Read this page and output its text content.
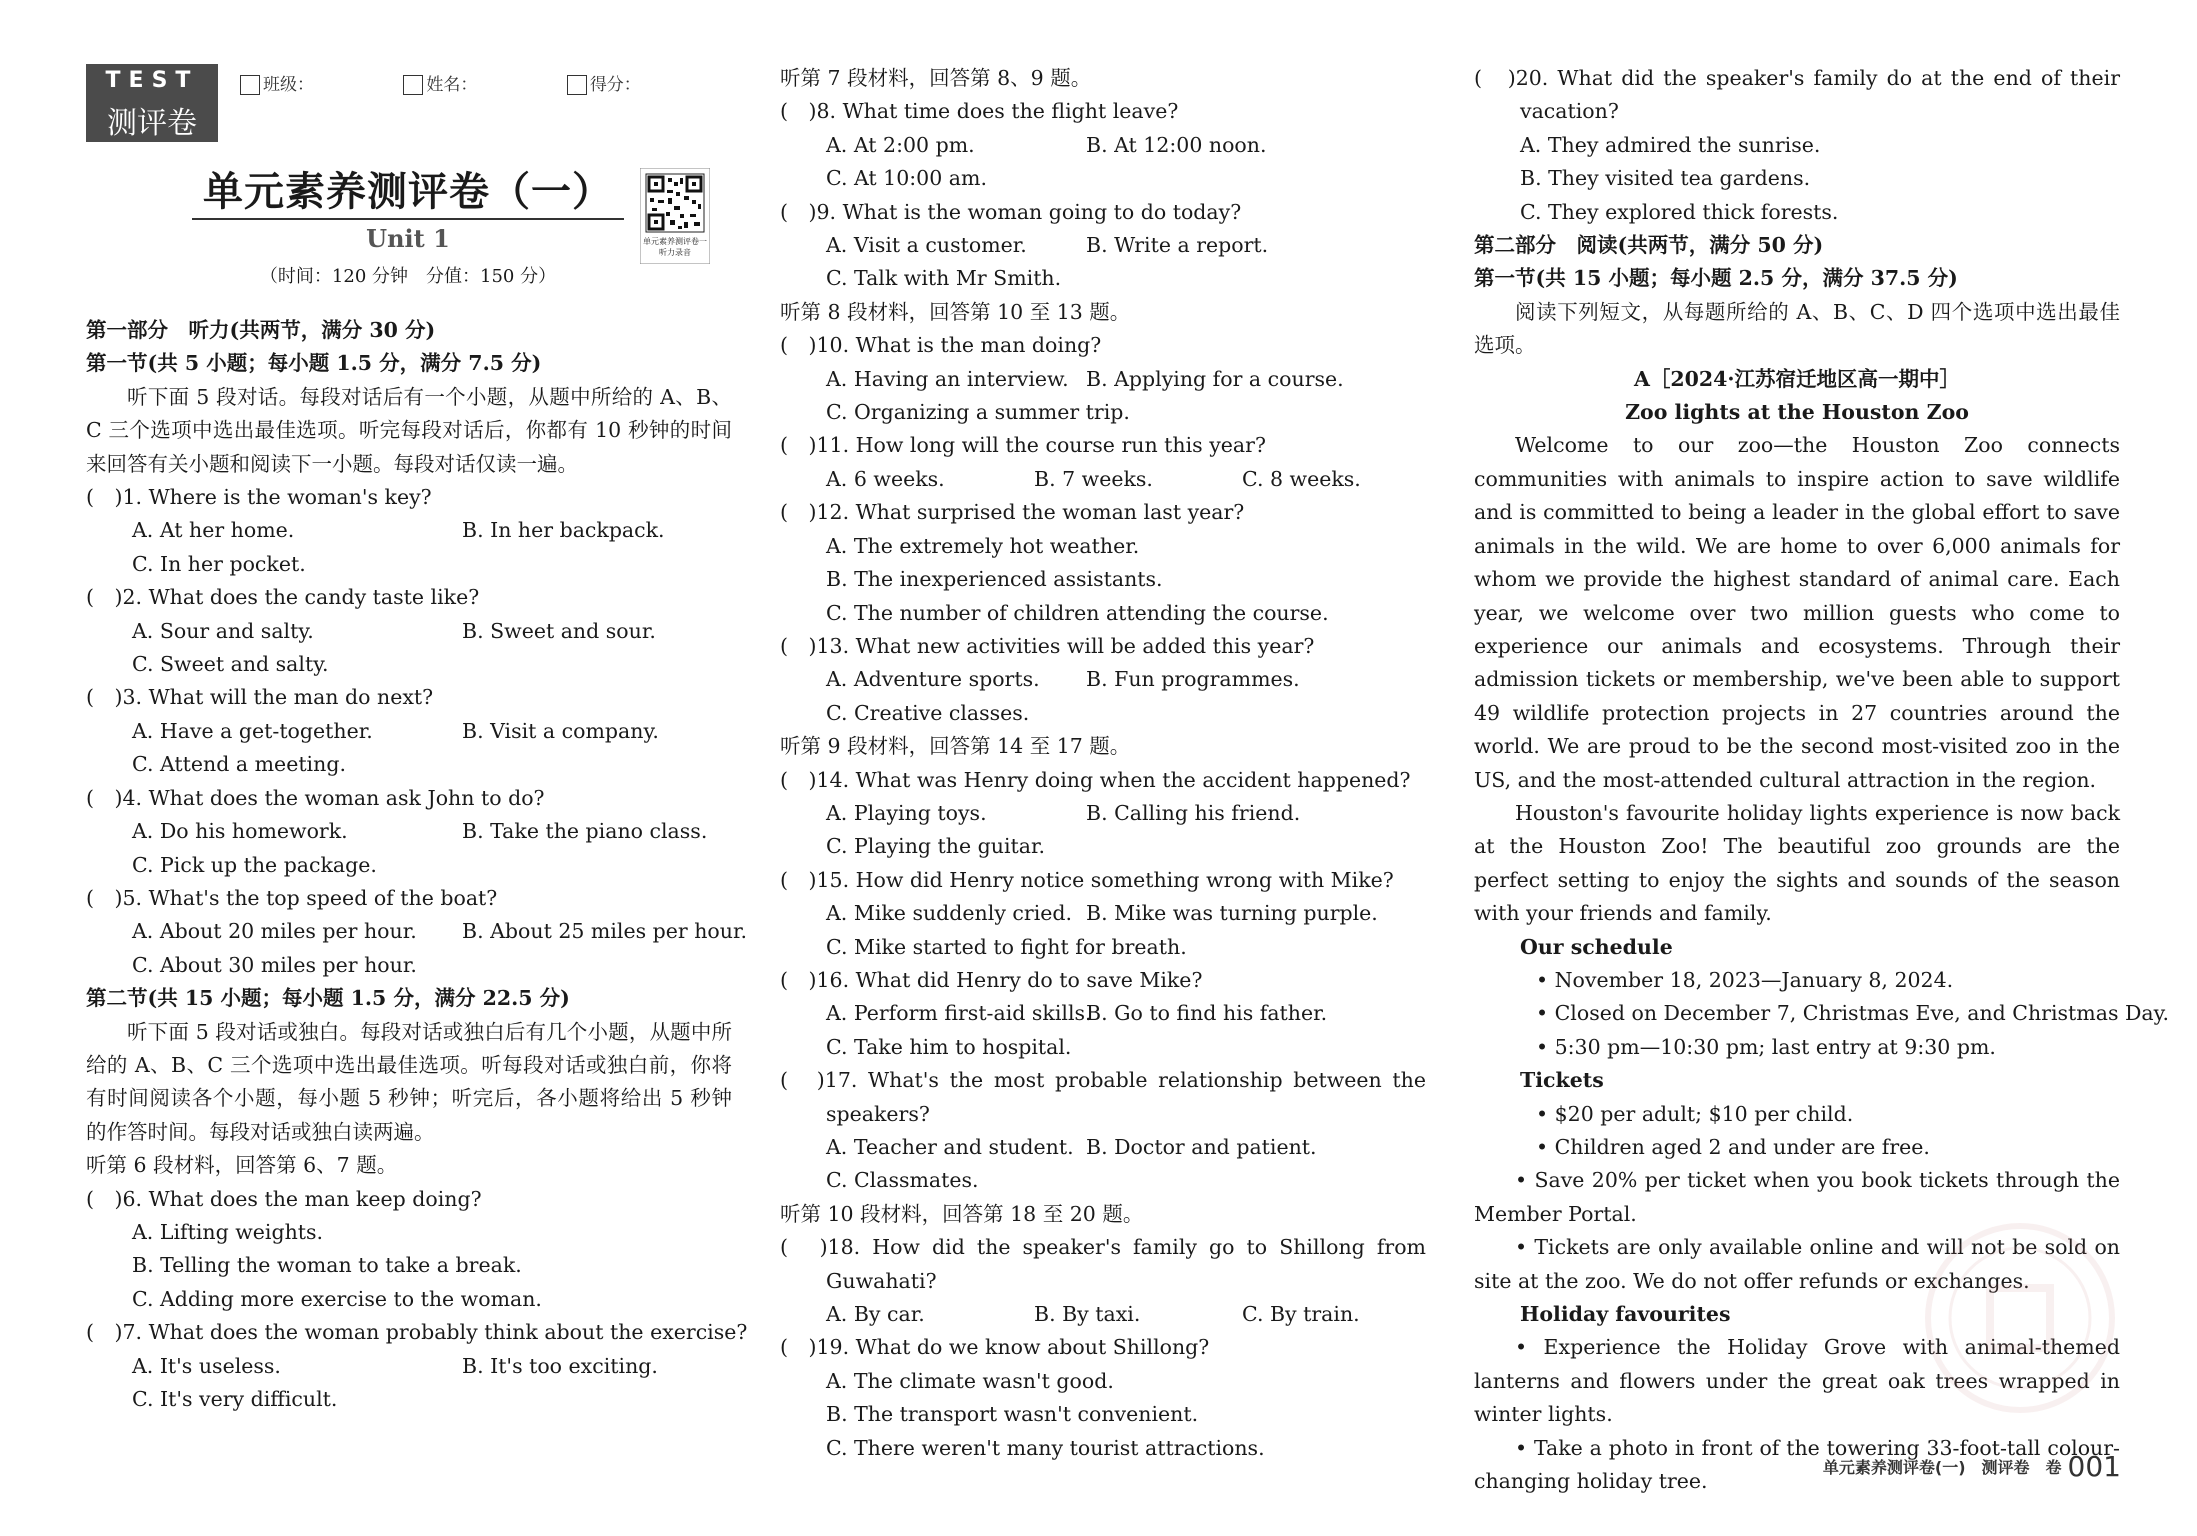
TEST
测评卷
班级：	姓名：	得分：
单元素养测评卷（一）
Unit 1
（时间：120 分钟　分值：150 分）
单元素养测评卷一听力录音
第一部分　听力(共两节，满分 30 分)
第一节(共 5 小题；每小题 1.5 分，满分 7.5 分)
听下面 5 段对话。每段对话后有一个小题，从题中所给的 A、B、C 三个选项中选出最佳选项。听完每段对话后，你都有 10 秒钟的时间来回答有关小题和阅读下一小题。每段对话仅读一遍。
(　)1. Where is the woman's key?
A. At her home.	B. In her backpack.
C. In her pocket.
(　)2. What does the candy taste like?
A. Sour and salty.	B. Sweet and sour.
C. Sweet and salty.
(　)3. What will the man do next?
A. Have a get-together.	B. Visit a company.
C. Attend a meeting.
(　)4. What does the woman ask John to do?
A. Do his homework.	B. Take the piano class.
C. Pick up the package.
(　)5. What's the top speed of the boat?
A. About 20 miles per hour. B. About 25 miles per hour.
C. About 30 miles per hour.
第二节(共 15 小题；每小题 1.5 分，满分 22.5 分)
听下面 5 段对话或独白。每段对话或独白后有几个小题，从题中所给的 A、B、C 三个选项中选出最佳选项。听每段对话或独白前，你将有时间阅读各个小题，每小题 5 秒钟；听完后，各小题将给出 5 秒钟的作答时间。每段对话或独白读两遍。
听第 6 段材料，回答第 6、7 题。
(　)6. What does the man keep doing?
A. Lifting weights.
B. Telling the woman to take a break.
C. Adding more exercise to the woman.
(　)7. What does the woman probably think about the exercise?
A. It's useless.	B. It's too exciting.
C. It's very difficult.
听第 7 段材料，回答第 8、9 题。
(　)8. What time does the flight leave?
A. At 2:00 pm.	B. At 12:00 noon.
C. At 10:00 am.
(　)9. What is the woman going to do today?
A. Visit a customer.	B. Write a report.
C. Talk with Mr Smith.
听第 8 段材料，回答第 10 至 13 题。
(　)10. What is the man doing?
A. Having an interview. B. Applying for a course.
C. Organizing a summer trip.
(　)11. How long will the course run this year?
A. 6 weeks.	B. 7 weeks.	C. 8 weeks.
(　)12. What surprised the woman last year?
A. The extremely hot weather.
B. The inexperienced assistants.
C. The number of children attending the course.
(　)13. What new activities will be added this year?
A. Adventure sports. B. Fun programmes.
C. Creative classes.
听第 9 段材料，回答第 14 至 17 题。
(　)14. What was Henry doing when the accident happened?
A. Playing toys.	B. Calling his friend.
C. Playing the guitar.
(　)15. How did Henry notice something wrong with Mike?
A. Mike suddenly cried. B. Mike was turning purple.
C. Mike started to fight for breath.
(　)16. What did Henry do to save Mike?
A. Perform first-aid skills.B. Go to find his father.
C. Take him to hospital.
(　)17. What's the most probable relationship between the
speakers?
A. Teacher and student. B. Doctor and patient.
C. Classmates.
听第 10 段材料，回答第 18 至 20 题。
(　)18. How did the speaker's family go to Shillong from
Guwahati?
A. By car.	B. By taxi.	C. By train.
(　)19. What do we know about Shillong?
A. The climate wasn't good.
B. The transport wasn't convenient.
C. There weren't many tourist attractions.
(　)20. What did the speaker's family do at the end of their
vacation?
A. They admired the sunrise.
B. They visited tea gardens.
C. They explored thick forests.
第二部分　阅读(共两节，满分 50 分)
第一节(共 15 小题；每小题 2.5 分，满分 37.5 分)
阅读下列短文，从每题所给的 A、B、C、D 四个选项中选出最佳选项。
A［2024·江苏宿迁地区高一期中］
Zoo lights at the Houston Zoo
Welcome to our zoo—the Houston Zoo connects communities with animals to inspire action to save wildlife and is committed to being a leader in the global effort to save animals in the wild. We are home to over 6,000 animals for whom we provide the highest standard of animal care. Each year, we welcome over two million guests who come to experience our animals and ecosystems. Through their admission tickets or membership, we've been able to support 49 wildlife protection projects in 27 countries around the world. We are proud to be the second most-visited zoo in the US, and the most-attended cultural attraction in the region.
Houston's favourite holiday lights experience is now back at the Houston Zoo! The beautiful zoo grounds are the perfect setting to enjoy the sights and sounds of the season with your friends and family.
Our schedule
• November 18, 2023—January 8, 2024.
• Closed on December 7, Christmas Eve, and Christmas Day.
• 5:30 pm—10:30 pm; last entry at 9:30 pm.
Tickets
• $20 per adult; $10 per child.
• Children aged 2 and under are free.
• Save 20% per ticket when you book tickets through the Member Portal.
• Tickets are only available online and will not be sold on site at the zoo. We do not offer refunds or exchanges.
Holiday favourites
• Experience the Holiday Grove with animal-themed lanterns and flowers under the great oak trees wrapped in winter lights.
• Take a photo in front of the towering 33-foot-tall colour-changing holiday tree.
单元素养测评卷(一)　测评卷　卷 001
